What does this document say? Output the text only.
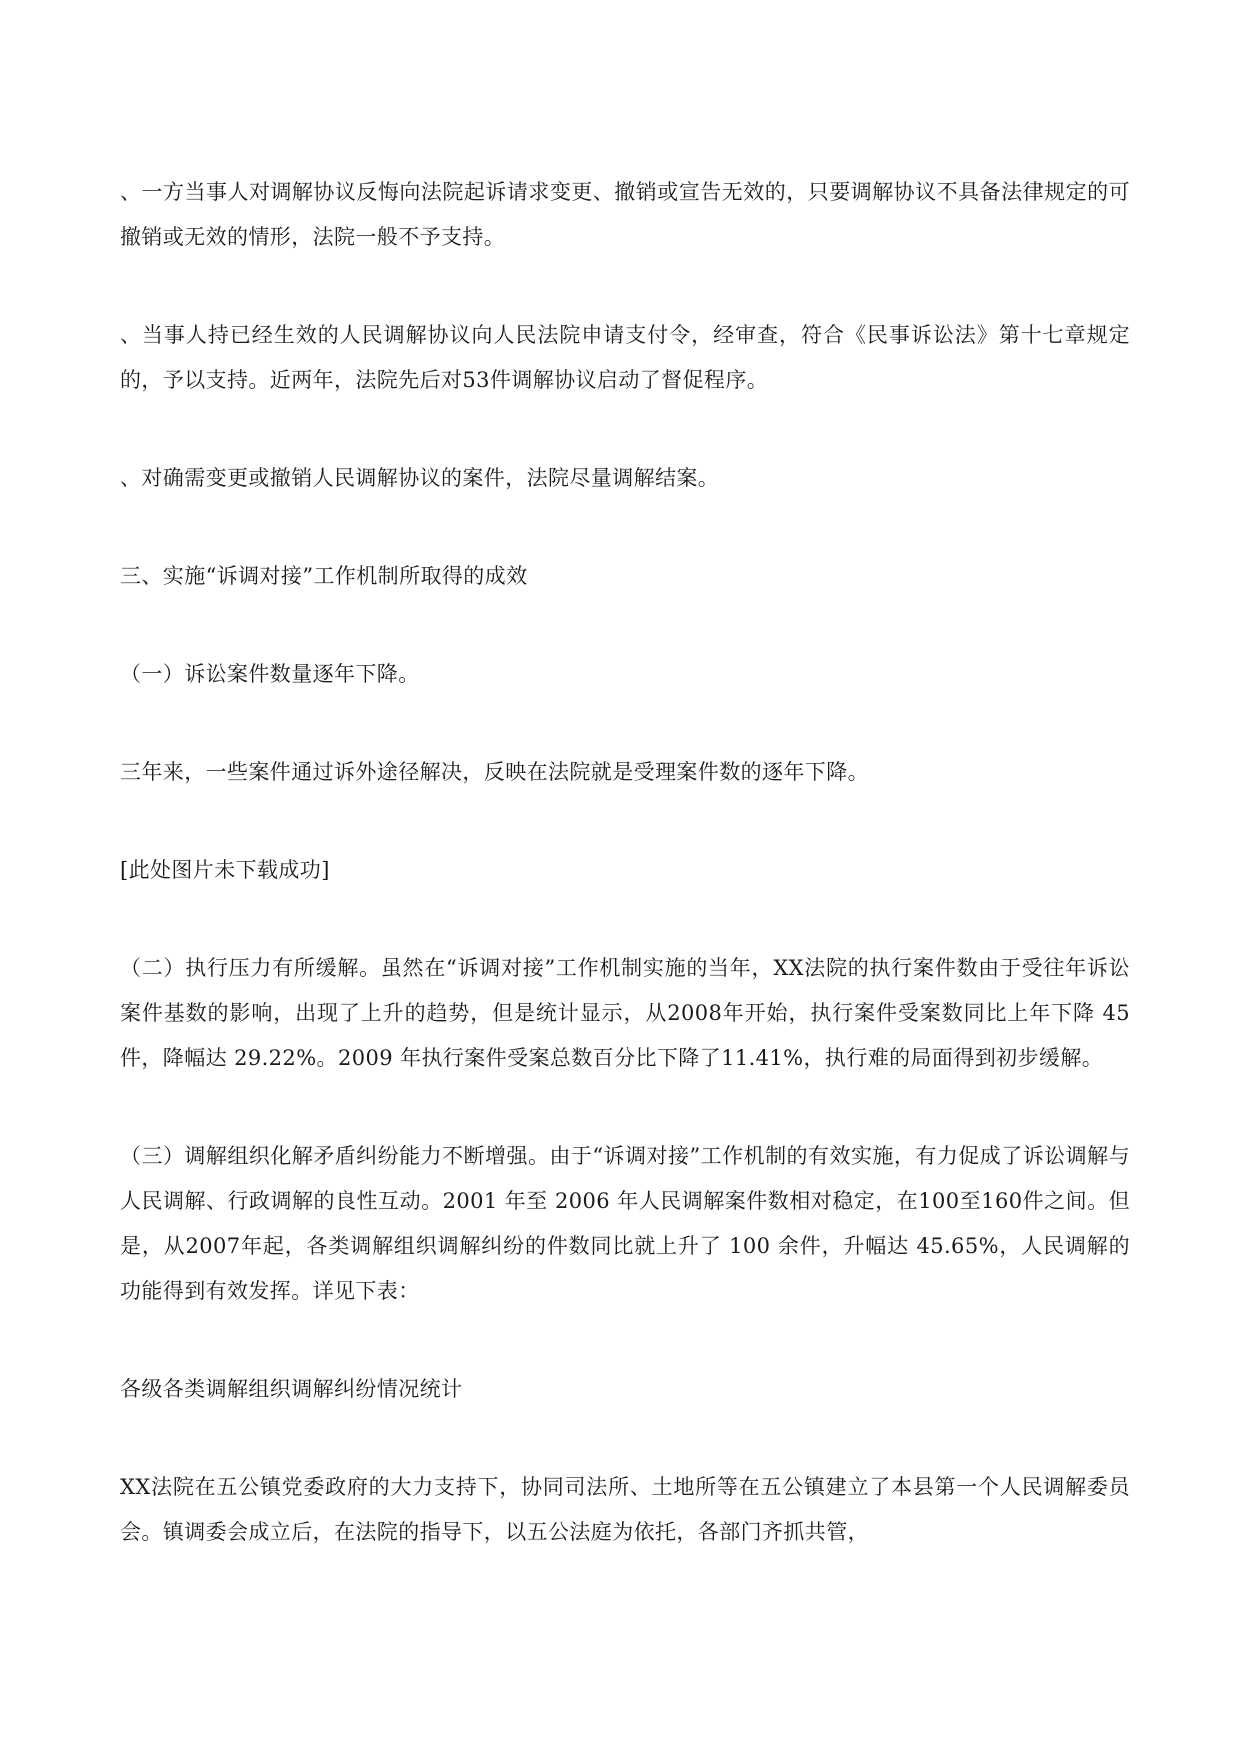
、一方当事人对调解协议反悔向法院起诉请求变更、撤销或宣告无效的，只要调解协议不具备法律规定的可撤销或无效的情形，法院一般不予支持。

、当事人持已经生效的人民调解协议向人民法院申请支付令，经审查，符合《民事诉讼法》第十七章规定的，予以支持。近两年，法院先后对53件调解协议启动了督促程序。

、对确需变更或撤销人民调解协议的案件，法院尽量调解结案。

三、实施“诉调对接”工作机制所取得的成效

（一）诉讼案件数量逐年下降。

三年来，一些案件通过诉外途径解决，反映在法院就是受理案件数的逐年下降。

[此处图片未下载成功]

（二）执行压力有所缓解。虽然在“诉调对接”工作机制实施的当年，XX法院的执行案件数由于受往年诉讼案件基数的影响，出现了上升的趋势，但是统计显示，从2008年开始，执行案件受案数同比上年下降 45 件，降幅达 29.22%。2009 年执行案件受案总数百分比下降了11.41%，执行难的局面得到初步缓解。

（三）调解组织化解矛盾纠纷能力不断增强。由于“诉调对接”工作机制的有效实施，有力促成了诉讼调解与人民调解、行政调解的良性互动。2001 年至 2006 年人民调解案件数相对稳定，在100至160件之间。但是，从2007年起，各类调解组织调解纠纷的件数同比就上升了 100 余件，升幅达 45.65%，人民调解的功能得到有效发挥。详见下表：

各级各类调解组织调解纠纷情况统计

XX法院在五公镇党委政府的大力支持下，协同司法所、土地所等在五公镇建立了本县第一个人民调解委员会。镇调委会成立后，在法院的指导下，以五公法庭为依托，各部门齐抓共管，
